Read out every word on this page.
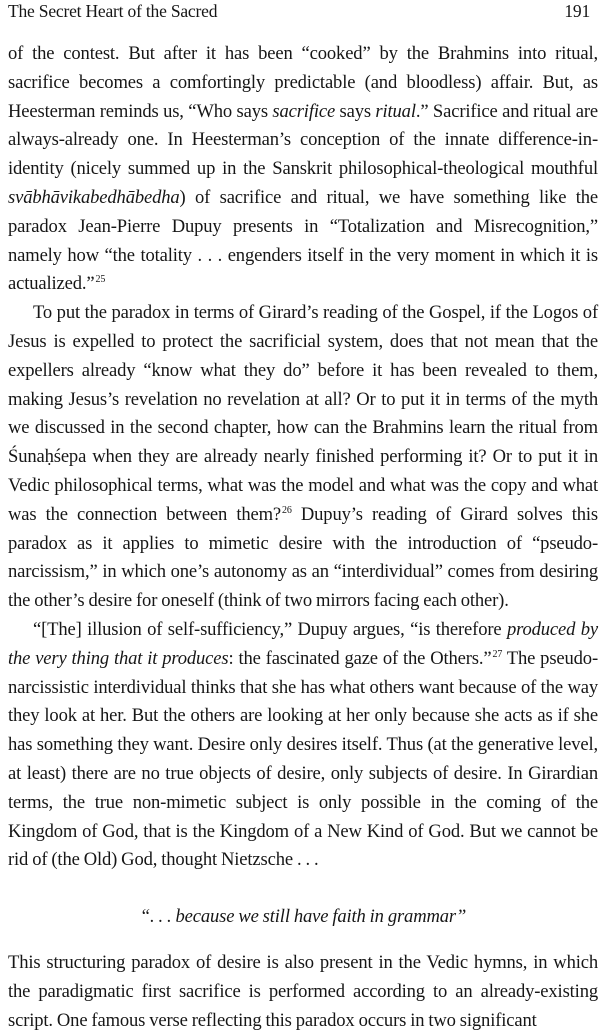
The Secret Heart of the Sacred	191

of the contest. But after it has been “cooked” by the Brahmins into ritual, sacrifice becomes a comfortingly predictable (and bloodless) affair. But, as Heesterman reminds us, “Who says sacrifice says ritual.” Sacrifice and ritual are always-already one. In Heesterman’s conception of the innate difference-in-identity (nicely summed up in the Sanskrit philosophical-theological mouthful svābhāvikabedhābedha) of sacrifice and ritual, we have something like the paradox Jean-Pierre Dupuy presents in “Totalization and Misrecognition,” namely how “the totality . . . engenders itself in the very moment in which it is actualized.”$^{25}$

To put the paradox in terms of Girard’s reading of the Gospel, if the Logos of Jesus is expelled to protect the sacrificial system, does that not mean that the expellers already “know what they do” before it has been revealed to them, making Jesus’s revelation no revelation at all? Or to put it in terms of the myth we discussed in the second chapter, how can the Brahmins learn the ritual from Śunaḥśepa when they are already nearly finished performing it? Or to put it in Vedic philosophical terms, what was the model and what was the copy and what was the connection between them?$^{26}$ Dupuy’s reading of Girard solves this paradox as it applies to mimetic desire with the introduction of “pseudo-narcissism,” in which one’s autonomy as an “interdividual” comes from desiring the other’s desire for oneself (think of two mirrors facing each other).

“[The] illusion of self-sufficiency,” Dupuy argues, “is therefore produced by the very thing that it produces: the fascinated gaze of the Others.”$^{27}$ The pseudo-narcissistic interdividual thinks that she has what others want because of the way they look at her. But the others are looking at her only because she acts as if she has something they want. Desire only desires itself. Thus (at the generative level, at least) there are no true objects of desire, only subjects of desire. In Girardian terms, the true non-mimetic subject is only possible in the coming of the Kingdom of God, that is the Kingdom of a New Kind of God. But we cannot be rid of (the Old) God, thought Nietzsche . . .

“. . . because we still have faith in grammar”

This structuring paradox of desire is also present in the Vedic hymns, in which the paradigmatic first sacrifice is performed according to an already-existing script. One famous verse reflecting this paradox occurs in two significant
